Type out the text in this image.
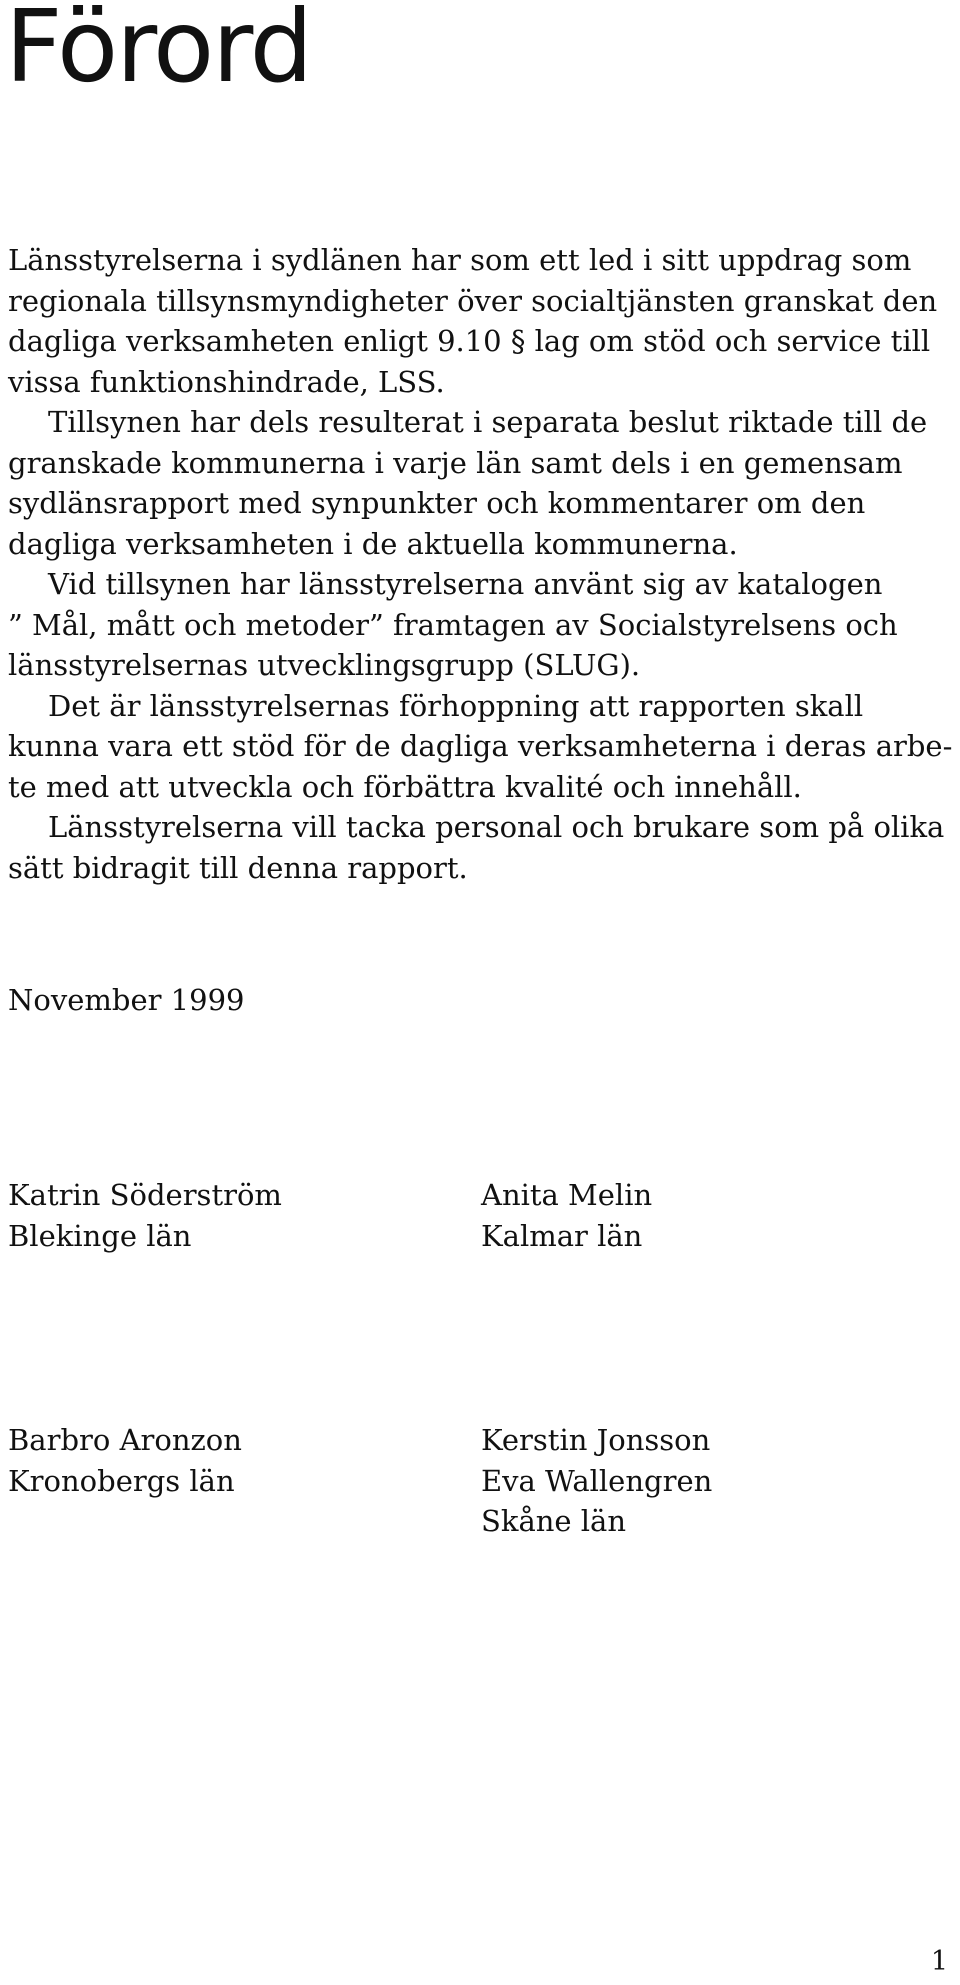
Förord
Länsstyrelserna i sydlänen har som ett led i sitt uppdrag som
regionala tillsynsmyndigheter över socialtjänsten granskat den
dagliga verksamheten enligt 9.10 § lag om stöd och service till
vissa funktionshindrade, LSS.
Tillsynen har dels resulterat i separata beslut riktade till de
granskade kommunerna i varje län samt dels i en gemensam
sydlänsrapport med synpunkter och kommentarer om den
dagliga verksamheten i de aktuella kommunerna.
Vid tillsynen har länsstyrelserna använt sig av katalogen
” Mål, mått och metoder” framtagen av Socialstyrelsens och
länsstyrelsernas utvecklingsgrupp (SLUG).
Det är länsstyrelsernas förhoppning att rapporten skall
kunna vara ett stöd för de dagliga verksamheterna i deras arbe-
te med att utveckla och förbättra kvalité och innehåll.
Länsstyrelserna vill tacka personal och brukare som på olika
sätt bidragit till denna rapport.
November 1999
Katrin Söderström
Blekinge län
Anita Melin
Kalmar län
Barbro Aronzon
Kronobergs län
Kerstin Jonsson
Eva Wallengren
Skåne län
1
